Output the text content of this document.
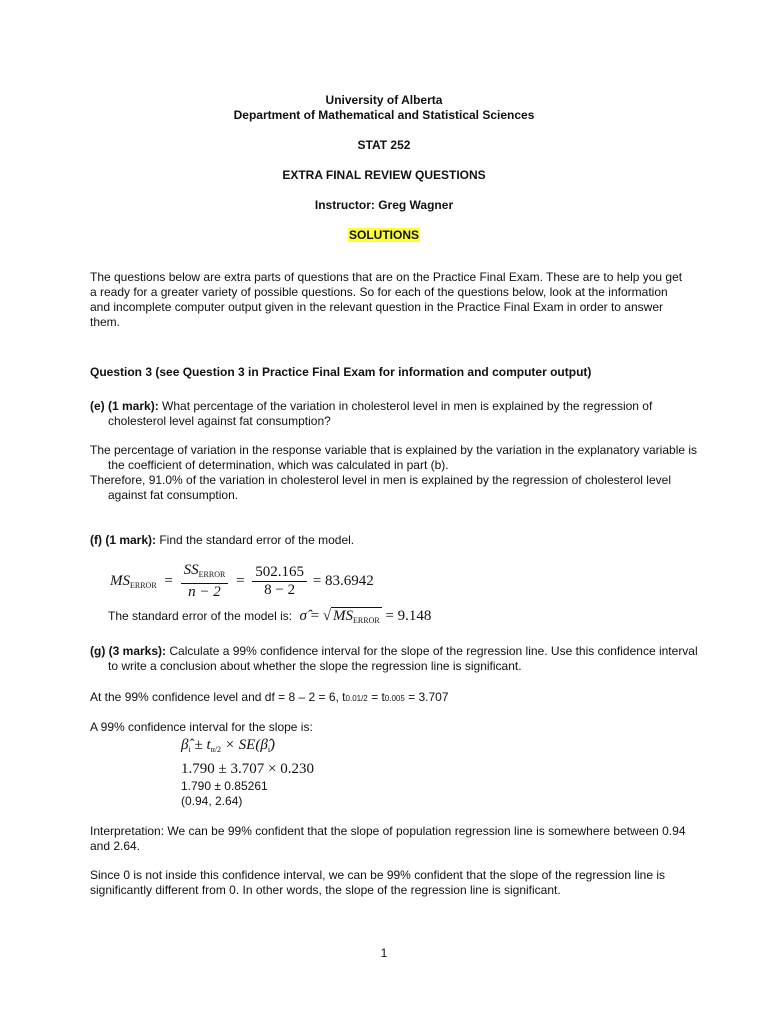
University of Alberta
Department of Mathematical and Statistical Sciences
STAT 252
EXTRA FINAL REVIEW QUESTIONS
Instructor: Greg Wagner
SOLUTIONS
The questions below are extra parts of questions that are on the Practice Final Exam. These are to help you get a ready for a greater variety of possible questions. So for each of the questions below, look at the information and incomplete computer output given in the relevant question in the Practice Final Exam in order to answer them.
Question 3 (see Question 3 in Practice Final Exam for information and computer output)
(e) (1 mark): What percentage of the variation in cholesterol level in men is explained by the regression of cholesterol level against fat consumption?
The percentage of variation in the response variable that is explained by the variation in the explanatory variable is the coefficient of determination, which was calculated in part (b).
Therefore, 91.0% of the variation in cholesterol level in men is explained by the regression of cholesterol level against fat consumption.
(f) (1 mark): Find the standard error of the model.
$MS_{ERROR} = \frac{SS_{ERROR}}{n - 2} = \frac{502.165}{8 - 2} = 83.6942$
The standard error of the model is: σ̂ = √ $MS_{ERROR} = 9.148$
(g) (3 marks): Calculate a 99% confidence interval for the slope of the regression line. Use this confidence interval to write a conclusion about whether the slope the regression line is significant.
At the 99% confidence level and df = 8 – 2 = 6, t0.01/2 = t0.005 = 3.707
A 99% confidence interval for the slope is:
$\betâ_i \pm t_{\alpha/2}$ × $SE(\betâ_i)$
1.790 ± 3.707 × 0.230
1.790 ± 0.85261
(0.94, 2.64)
Interpretation: We can be 99% confident that the slope of population regression line is somewhere between 0.94 and 2.64.
Since 0 is not inside this confidence interval, we can be 99% confident that the slope of the regression line is significantly different from 0. In other words, the slope of the regression line is significant.
1
